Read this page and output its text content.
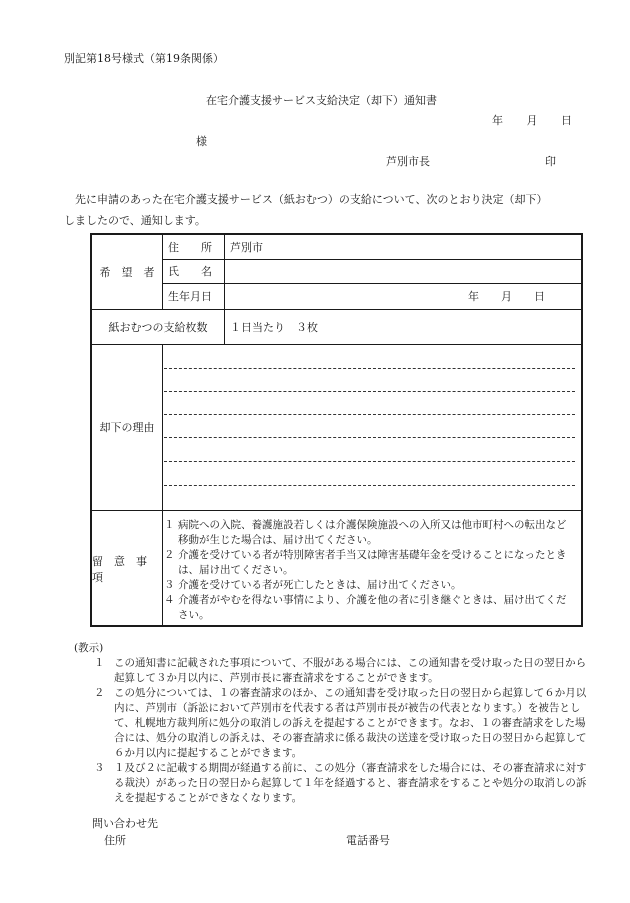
別記第18号様式（第19条関係）
在宅介護支援サービス支給決定（却下）通知書
年 月 日
様
芦別市長	印

先に申請のあった在宅介護支援サービス（紙おむつ）の支給について、次のとおり決定（却下）

しましたので、通知します。
希　望　者
住　　所	芦別市
氏　　名
生年月日	年 月 日
紙おむつの支給枚数	１日当たり　３枚
却下の理由
留　意　事　項
１ 病院への入院、養護施設若しくは介護保険施設への入所又は他市町村への転出など移動が生じた場合は、届け出てください。
２ 介護を受けている者が特別障害者手当又は障害基礎年金を受けることになったときは、届け出てください。
３ 介護を受けている者が死亡したときは、届け出てください。
４ 介護者がやむを得ない事情により、介護を他の者に引き継ぐときは、届け出てください。
(教示)
１ この通知書に記載された事項について、不服がある場合には、この通知書を受け取った日の翌日から起算して３か月以内に、芦別市長に審査請求をすることができます。
２ この処分については、１の審査請求のほか、この通知書を受け取った日の翌日から起算して６か月以内に、芦別市（訴訟において芦別市を代表する者は芦別市長が被告の代表となります。）を被告として、札幌地方裁判所に処分の取消しの訴えを提起することができます。なお、１の審査請求をした場合には、処分の取消しの訴えは、その審査請求に係る裁決の送達を受け取った日の翌日から起算して６か月以内に提起することができます。
３ １及び２に記載する期間が経過する前に、この処分（審査請求をした場合には、その審査請求に対する裁決）があった日の翌日から起算して１年を経過すると、審査請求をすることや処分の取消しの訴えを提起することができなくなります。
問い合わせ先
住所	電話番号
